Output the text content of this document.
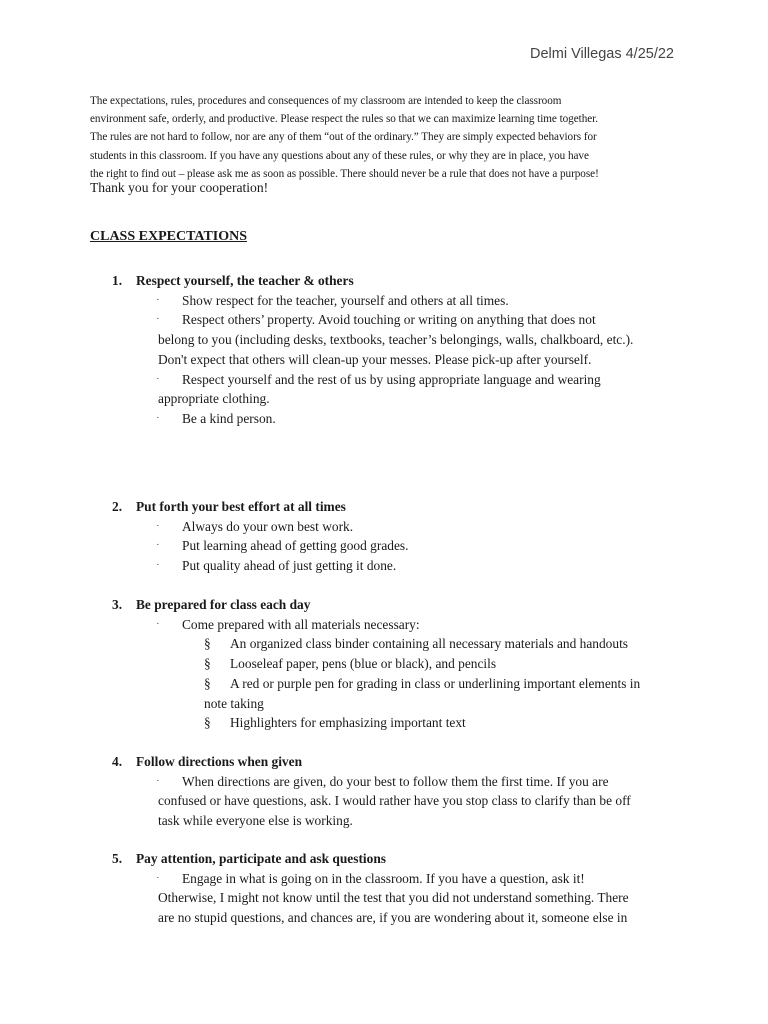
Delmi Villegas 4/25/22

The expectations, rules, procedures and consequences of my classroom are intended to keep the classroom

environment safe, orderly, and productive. Please respect the rules so that we can maximize learning time together.

The rules are not hard to follow, nor are any of them “out of the ordinary.” They are simply expected behaviors for

students in this classroom. If you have any questions about any of these rules, or why they are in place, you have

the right to find out – please ask me as soon as possible. There should never be a rule that does not have a purpose!

Thank you for your cooperation!
CLASS EXPECTATIONS
1.	Respect yourself, the teacher & others
·	Show respect for the teacher, yourself and others at all times.
·	Respect others’ property. Avoid touching or writing on anything that does not
belong to you (including desks, textbooks, teacher’s belongings, walls, chalkboard, etc.).
Don't expect that others will clean-up your messes. Please pick-up after yourself.
·	Respect yourself and the rest of us by using appropriate language and wearing
appropriate clothing.
·	Be a kind person.
2.	Put forth your best effort at all times
·	Always do your own best work.
·	Put learning ahead of getting good grades.
·	Put quality ahead of just getting it done.
3.	Be prepared for class each day
·	Come prepared with all materials necessary:
§	An organized class binder containing all necessary materials and handouts
§	Looseleaf paper, pens (blue or black), and pencils
§	A red or purple pen for grading in class or underlining important elements in
note taking
§	Highlighters for emphasizing important text
4.	Follow directions when given
·	When directions are given, do your best to follow them the first time. If you are
confused or have questions, ask. I would rather have you stop class to clarify than be off
task while everyone else is working.
5.	Pay attention, participate and ask questions
·	Engage in what is going on in the classroom. If you have a question, ask it!
Otherwise, I might not know until the test that you did not understand something. There
are no stupid questions, and chances are, if you are wondering about it, someone else in
